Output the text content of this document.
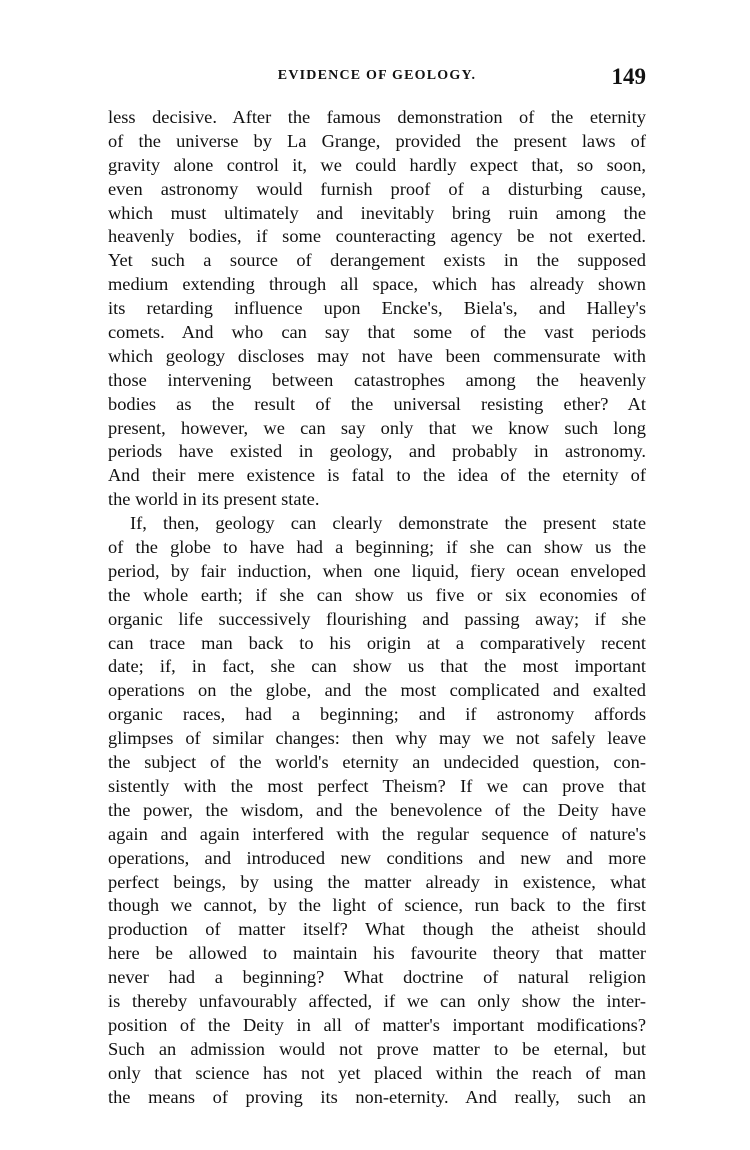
EVIDENCE OF GEOLOGY.	149
less decisive. After the famous demonstration of the eternity
of the universe by La Grange, provided the present laws of
gravity alone control it, we could hardly expect that, so soon,
even astronomy would furnish proof of a disturbing cause,
which must ultimately and inevitably bring ruin among the
heavenly bodies, if some counteracting agency be not exerted.
Yet such a source of derangement exists in the supposed
medium extending through all space, which has already shown
its retarding influence upon Encke's, Biela's, and Halley's
comets. And who can say that some of the vast periods
which geology discloses may not have been commensurate with
those intervening between catastrophes among the heavenly
bodies as the result of the universal resisting ether? At
present, however, we can say only that we know such long
periods have existed in geology, and probably in astronomy.
And their mere existence is fatal to the idea of the eternity of
the world in its present state.
If, then, geology can clearly demonstrate the present state
of the globe to have had a beginning; if she can show us the
period, by fair induction, when one liquid, fiery ocean enveloped
the whole earth; if she can show us five or six economies of
organic life successively flourishing and passing away; if she
can trace man back to his origin at a comparatively recent
date; if, in fact, she can show us that the most important
operations on the globe, and the most complicated and exalted
organic races, had a beginning; and if astronomy affords
glimpses of similar changes: then why may we not safely leave
the subject of the world's eternity an undecided question, con-
sistently with the most perfect Theism? If we can prove that
the power, the wisdom, and the benevolence of the Deity have
again and again interfered with the regular sequence of nature's
operations, and introduced new conditions and new and more
perfect beings, by using the matter already in existence, what
though we cannot, by the light of science, run back to the first
production of matter itself? What though the atheist should
here be allowed to maintain his favourite theory that matter
never had a beginning? What doctrine of natural religion
is thereby unfavourably affected, if we can only show the inter-
position of the Deity in all of matter's important modifications?
Such an admission would not prove matter to be eternal, but
only that science has not yet placed within the reach of man
the means of proving its non-eternity. And really, such an
